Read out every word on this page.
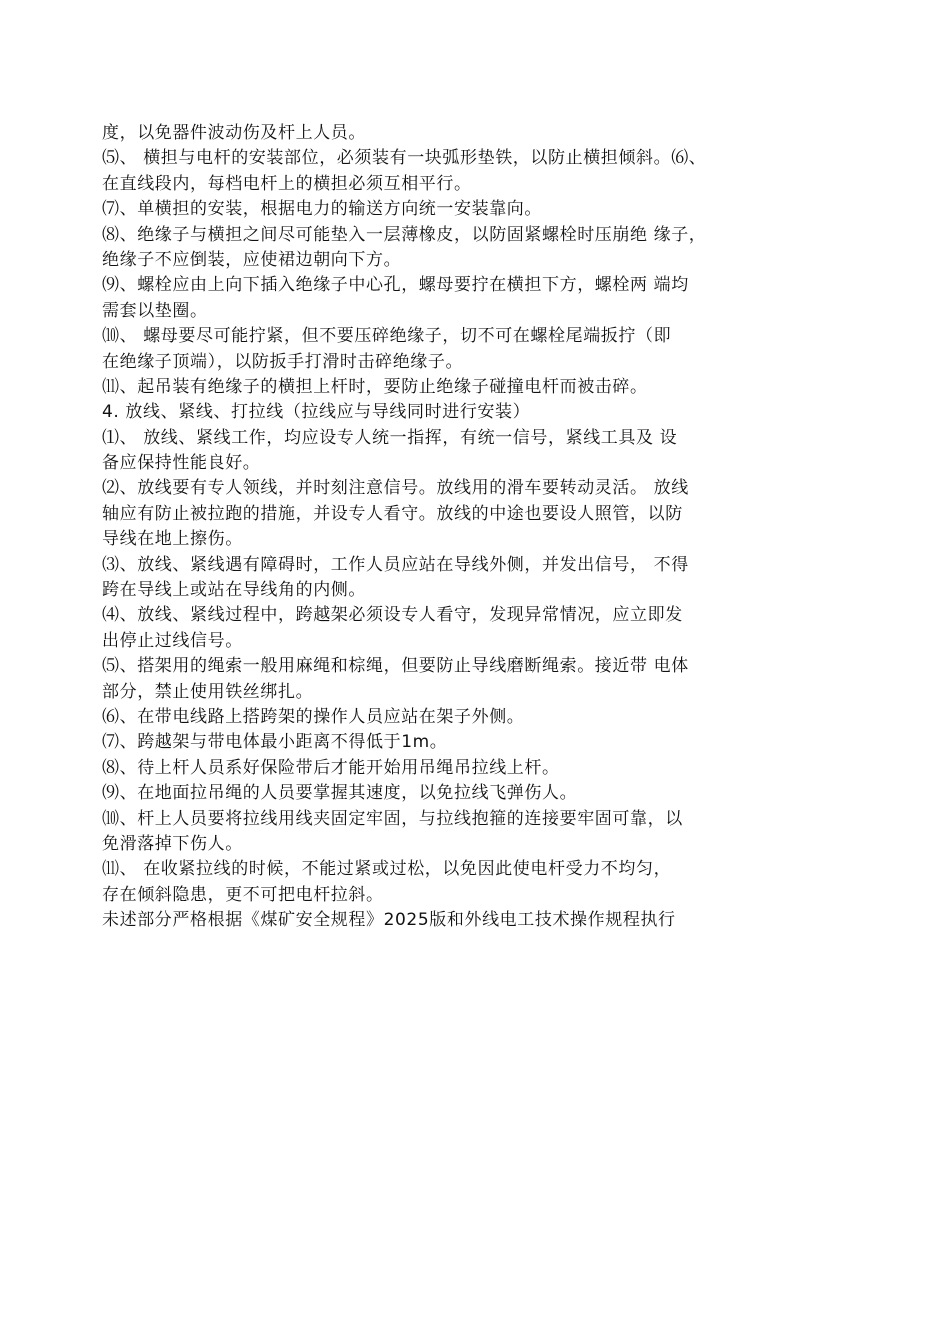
度，以免器件波动伤及杆上人员。
⑸、 横担与电杆的安装部位，必须装有一块弧形垫铁，以防止横担倾斜。⑹、
在直线段内，每档电杆上的横担必须互相平行。
⑺、单横担的安装，根据电力的输送方向统一安装靠向。
⑻、绝缘子与横担之间尽可能垫入一层薄橡皮，以防固紧螺栓时压崩绝 缘子，
绝缘子不应倒装，应使裙边朝向下方。
⑼、螺栓应由上向下插入绝缘子中心孔，螺母要拧在横担下方，螺栓两 端均
需套以垫圈。
⑽、 螺母要尽可能拧紧，但不要压碎绝缘子，切不可在螺栓尾端扳拧（即
在绝缘子顶端），以防扳手打滑时击碎绝缘子。
⑾、起吊装有绝缘子的横担上杆时，要防止绝缘子碰撞电杆而被击碎。
4. 放线、紧线、打拉线（拉线应与导线同时进行安装）
⑴、 放线、紧线工作，均应设专人统一指挥，有统一信号，紧线工具及 设
备应保持性能良好。
⑵、放线要有专人领线，并时刻注意信号。放线用的滑车要转动灵活。 放线
轴应有防止被拉跑的措施，并设专人看守。放线的中途也要设人照管，以防
导线在地上擦伤。
⑶、放线、紧线遇有障碍时，工作人员应站在导线外侧，并发出信号， 不得
跨在导线上或站在导线角的内侧。
⑷、放线、紧线过程中，跨越架必须设专人看守，发现异常情况，应立即发
出停止过线信号。
⑸、搭架用的绳索一般用麻绳和棕绳，但要防止导线磨断绳索。接近带 电体
部分，禁止使用铁丝绑扎。
⑹、在带电线路上搭跨架的操作人员应站在架子外侧。
⑺、跨越架与带电体最小距离不得低于1m。
⑻、待上杆人员系好保险带后才能开始用吊绳吊拉线上杆。
⑼、在地面拉吊绳的人员要掌握其速度，以免拉线飞弹伤人。
⑽、杆上人员要将拉线用线夹固定牢固，与拉线抱箍的连接要牢固可靠，以
免滑落掉下伤人。
⑾、 在收紧拉线的时候，不能过紧或过松，以免因此使电杆受力不均匀，
存在倾斜隐患，更不可把电杆拉斜。
未述部分严格根据《煤矿安全规程》2025版和外线电工技术操作规程执行
